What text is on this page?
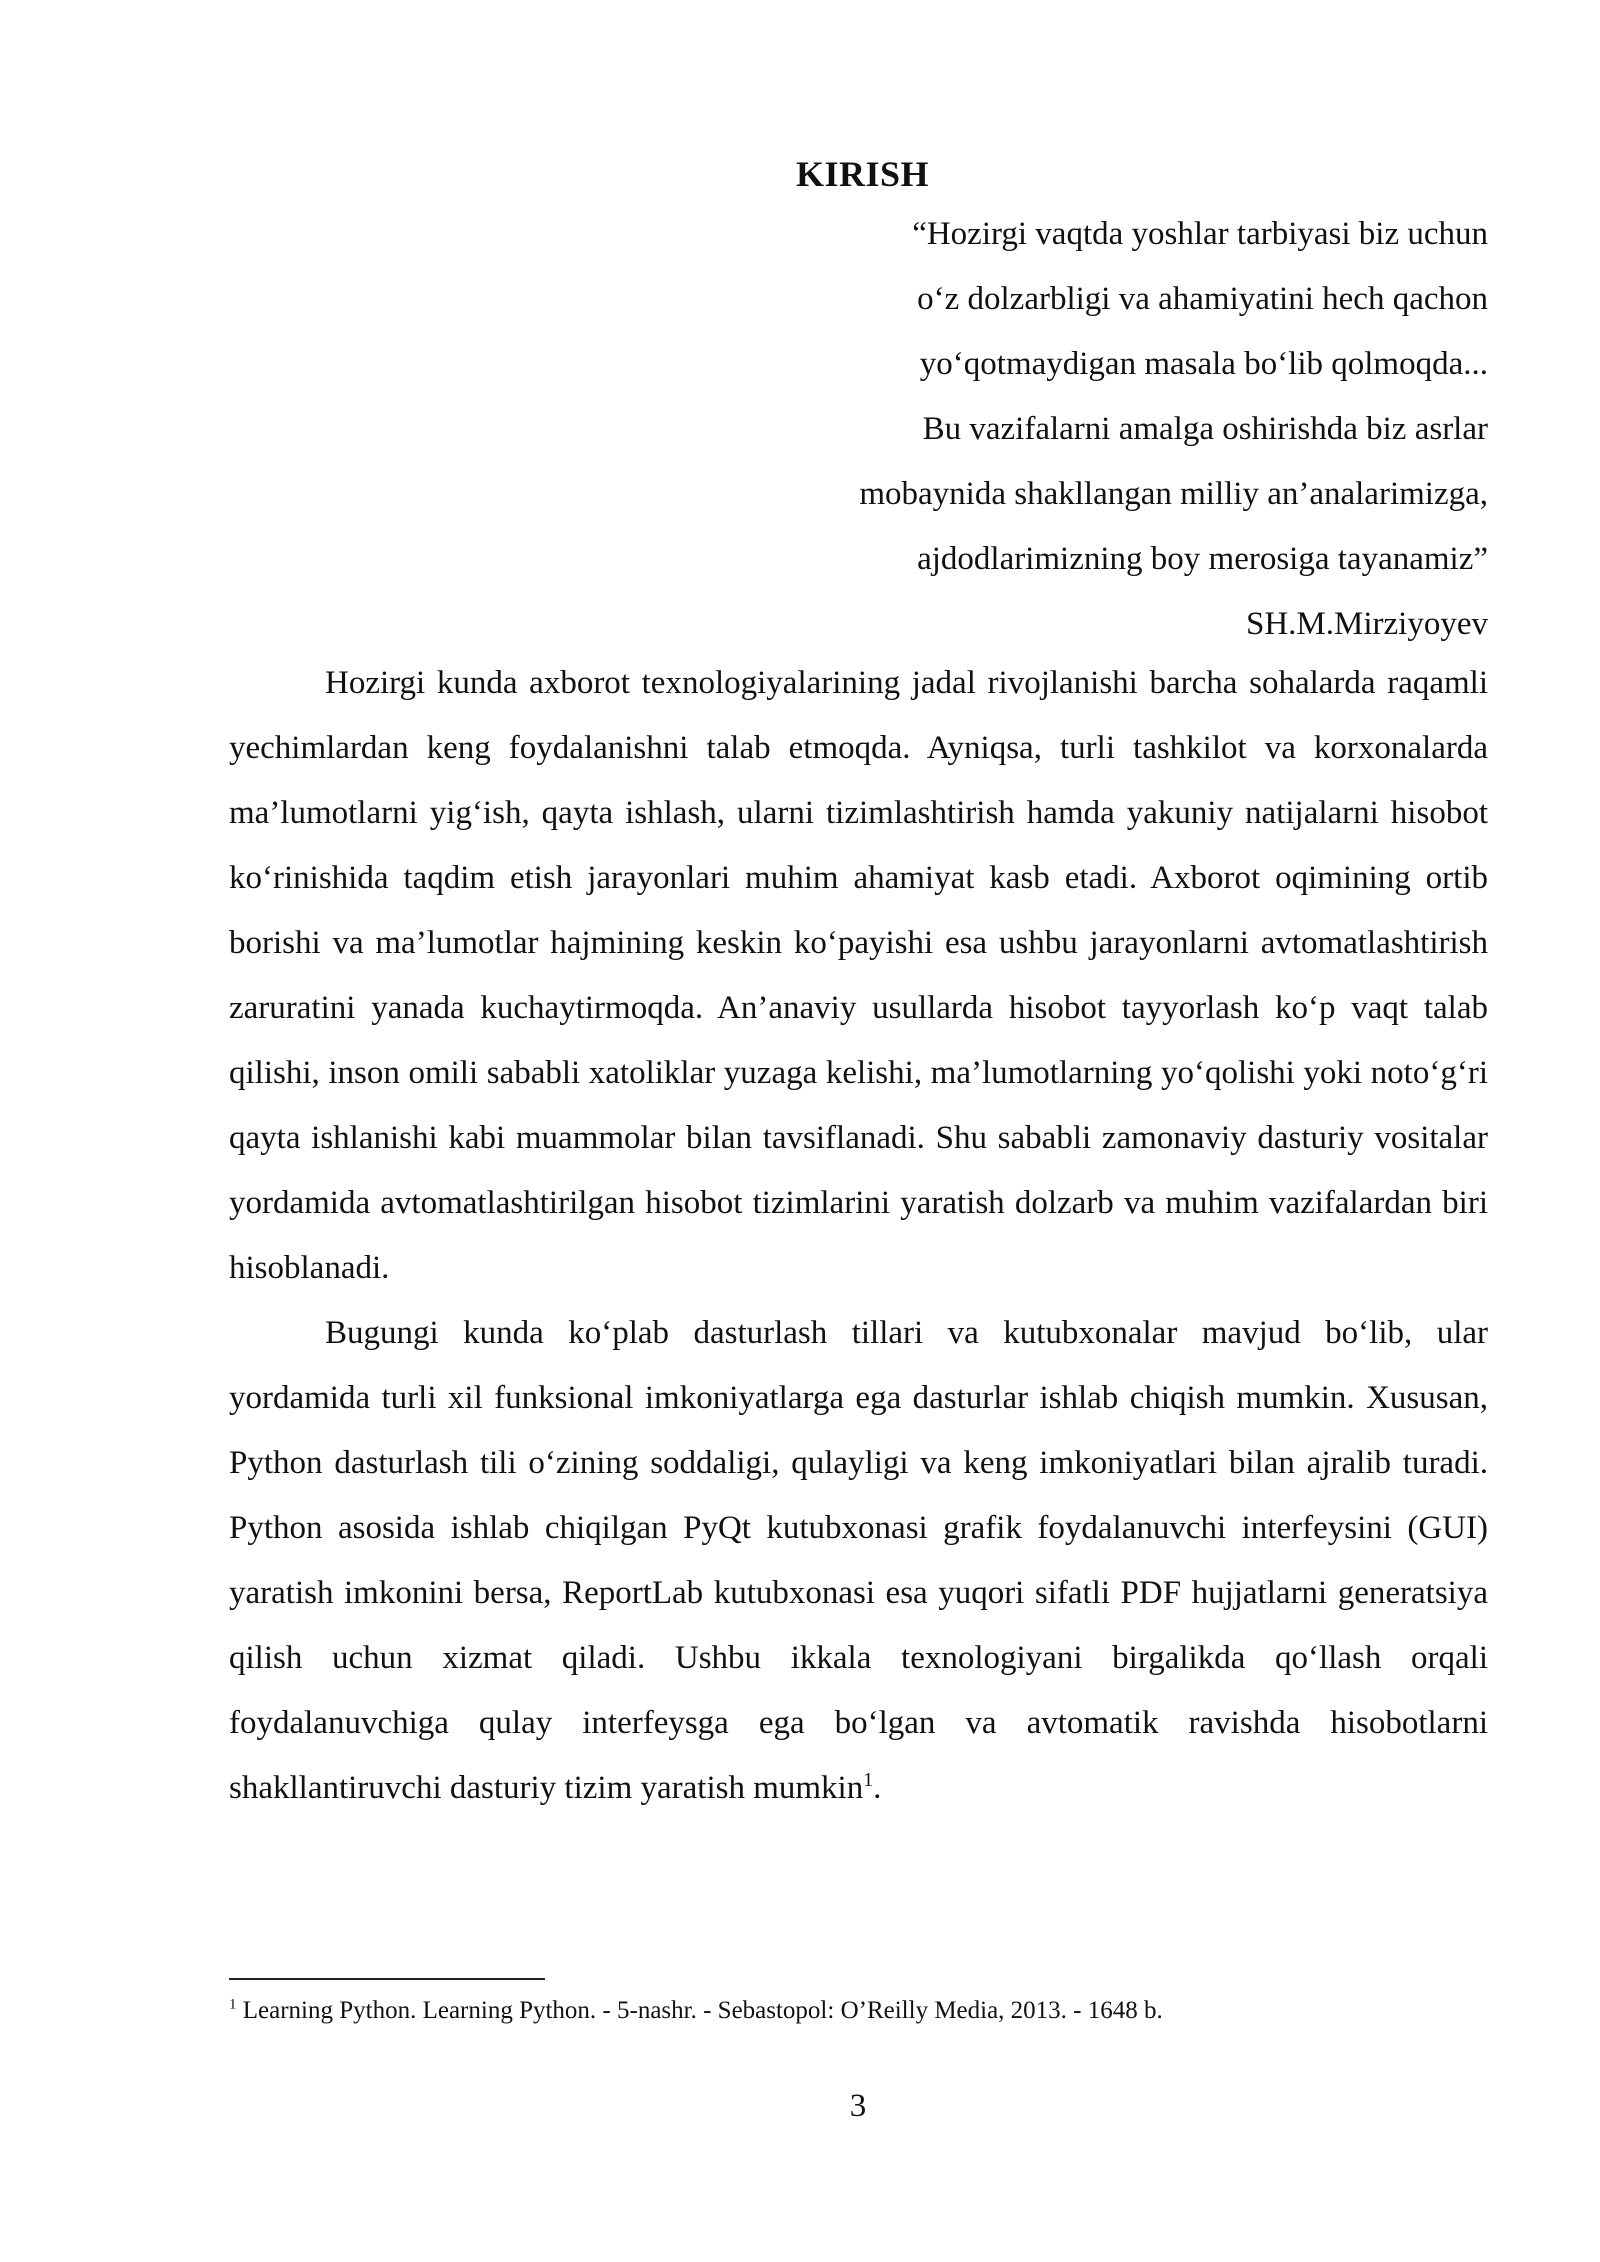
KIRISH
“Hozirgi vaqtda yoshlar tarbiyasi biz uchun
o‘z dolzarbligi va ahamiyatini hech qachon
yo‘qotmaydigan masala bo‘lib qolmoqda...
Bu vazifalarni amalga oshirishda biz asrlar
mobaynida shakllangan milliy an’analarimizga,
ajdodlarimizning boy merosiga tayanamiz”
SH.M.Mirziyoyev

Hozirgi kunda axborot texnologiyalarining jadal rivojlanishi barcha sohalarda raqamli yechimlardan keng foydalanishni talab etmoqda. Ayniqsa, turli tashkilot va korxonalarda ma’lumotlarni yig‘ish, qayta ishlash, ularni tizimlashtirish hamda yakuniy natijalarni hisobot ko‘rinishida taqdim etish jarayonlari muhim ahamiyat kasb etadi. Axborot oqimining ortib borishi va ma’lumotlar hajmining keskin ko‘payishi esa ushbu jarayonlarni avtomatlashtirish zaruratini yanada kuchaytirmoqda. An’anaviy usullarda hisobot tayyorlash ko‘p vaqt talab qilishi, inson omili sababli xatoliklar yuzaga kelishi, ma’lumotlarning yo‘qolishi yoki noto‘g‘ri qayta ishlanishi kabi muammolar bilan tavsiflanadi. Shu sababli zamonaviy dasturiy vositalar yordamida avtomatlashtirilgan hisobot tizimlarini yaratish dolzarb va muhim vazifalardan biri hisoblanadi.

Bugungi kunda ko‘plab dasturlash tillari va kutubxonalar mavjud bo‘lib, ular yordamida turli xil funksional imkoniyatlarga ega dasturlar ishlab chiqish mumkin. Xususan, Python dasturlash tili o‘zining soddaligi, qulayligi va keng imkoniyatlari bilan ajralib turadi. Python asosida ishlab chiqilgan PyQt kutubxonasi grafik foydalanuvchi interfeysini (GUI) yaratish imkonini bersa, ReportLab kutubxonasi esa yuqori sifatli PDF hujjatlarni generatsiya qilish uchun xizmat qiladi. Ushbu ikkala texnologiyani birgalikda qo‘llash orqali foydalanuvchiga qulay interfeysga ega bo‘lgan va avtomatik ravishda hisobotlarni shakllantiruvchi dasturiy tizim yaratish mumkin$^1$.

$^1$ Learning Python. Learning Python. - 5-nashr. - Sebastopol: O’Reilly Media, 2013. - 1648 b.
3
